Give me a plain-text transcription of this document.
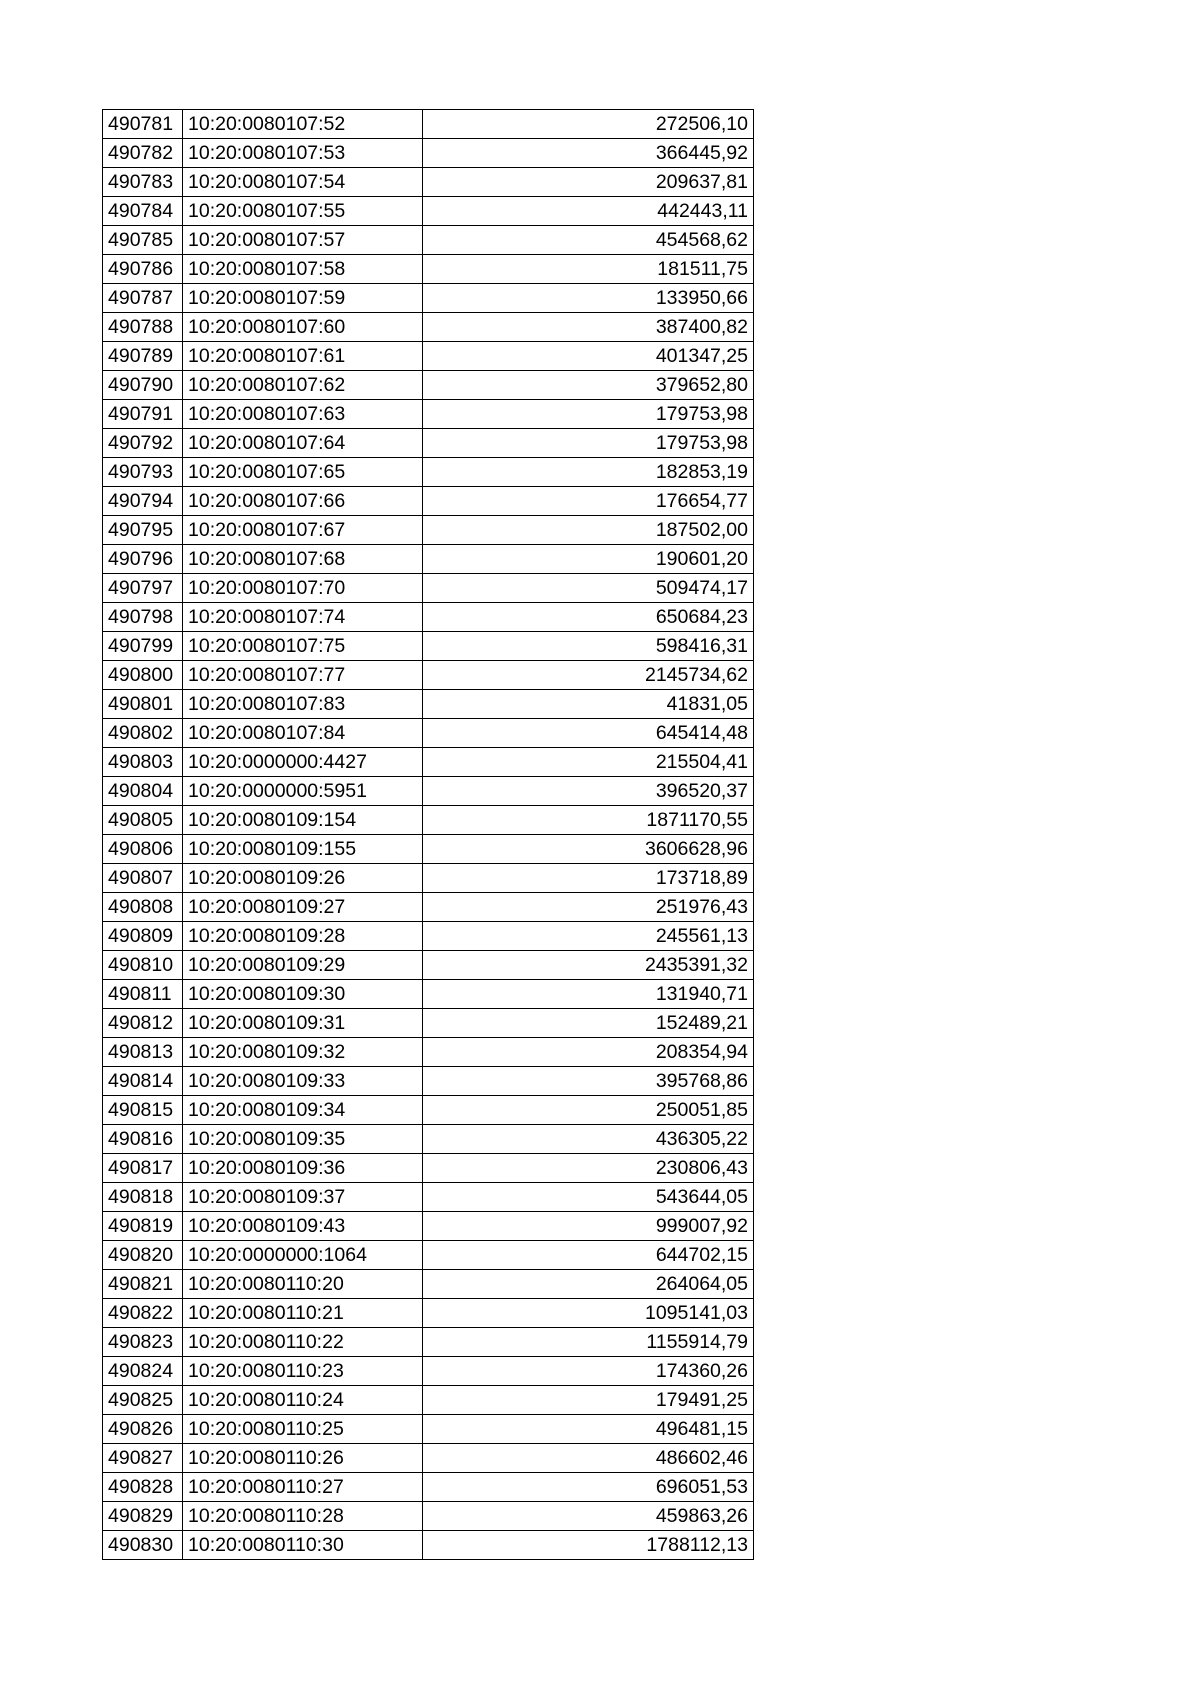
490781	10:20:0080107:52	272506,10
490782	10:20:0080107:53	366445,92
490783	10:20:0080107:54	209637,81
490784	10:20:0080107:55	442443,11
490785	10:20:0080107:57	454568,62
490786	10:20:0080107:58	181511,75
490787	10:20:0080107:59	133950,66
490788	10:20:0080107:60	387400,82
490789	10:20:0080107:61	401347,25
490790	10:20:0080107:62	379652,80
490791	10:20:0080107:63	179753,98
490792	10:20:0080107:64	179753,98
490793	10:20:0080107:65	182853,19
490794	10:20:0080107:66	176654,77
490795	10:20:0080107:67	187502,00
490796	10:20:0080107:68	190601,20
490797	10:20:0080107:70	509474,17
490798	10:20:0080107:74	650684,23
490799	10:20:0080107:75	598416,31
490800	10:20:0080107:77	2145734,62
490801	10:20:0080107:83	41831,05
490802	10:20:0080107:84	645414,48
490803	10:20:0000000:4427	215504,41
490804	10:20:0000000:5951	396520,37
490805	10:20:0080109:154	1871170,55
490806	10:20:0080109:155	3606628,96
490807	10:20:0080109:26	173718,89
490808	10:20:0080109:27	251976,43
490809	10:20:0080109:28	245561,13
490810	10:20:0080109:29	2435391,32
490811	10:20:0080109:30	131940,71
490812	10:20:0080109:31	152489,21
490813	10:20:0080109:32	208354,94
490814	10:20:0080109:33	395768,86
490815	10:20:0080109:34	250051,85
490816	10:20:0080109:35	436305,22
490817	10:20:0080109:36	230806,43
490818	10:20:0080109:37	543644,05
490819	10:20:0080109:43	999007,92
490820	10:20:0000000:1064	644702,15
490821	10:20:0080110:20	264064,05
490822	10:20:0080110:21	1095141,03
490823	10:20:0080110:22	1155914,79
490824	10:20:0080110:23	174360,26
490825	10:20:0080110:24	179491,25
490826	10:20:0080110:25	496481,15
490827	10:20:0080110:26	486602,46
490828	10:20:0080110:27	696051,53
490829	10:20:0080110:28	459863,26
490830	10:20:0080110:30	1788112,13
